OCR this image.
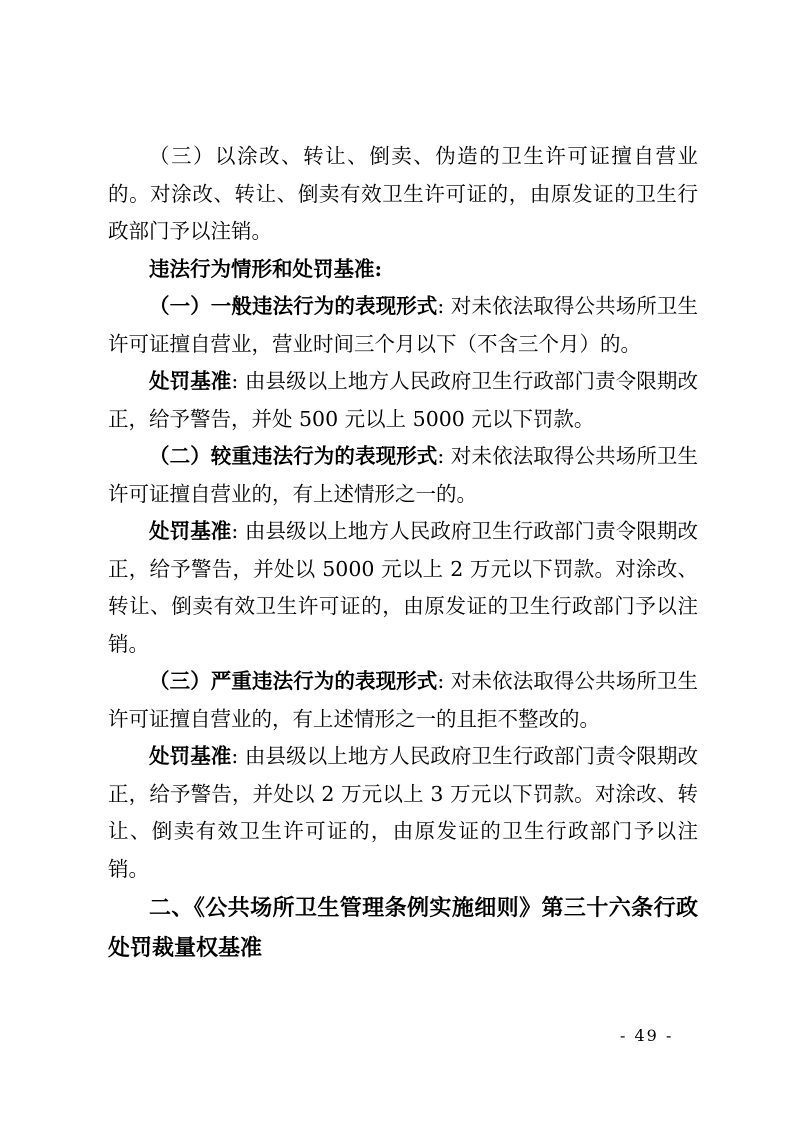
（三）以涂改、转让、倒卖、伪造的卫生许可证擅自营业的。对涂改、转让、倒卖有效卫生许可证的，由原发证的卫生行政部门予以注销。

违法行为情形和处罚基准:

（一）一般违法行为的表现形式: 对未依法取得公共场所卫生许可证擅自营业，营业时间三个月以下（不含三个月）的。

处罚基准: 由县级以上地方人民政府卫生行政部门责令限期改正，给予警告，并处 500 元以上 5000 元以下罚款。

（二）较重违法行为的表现形式: 对未依法取得公共场所卫生许可证擅自营业的，有上述情形之一的。

处罚基准: 由县级以上地方人民政府卫生行政部门责令限期改正，给予警告，并处以 5000 元以上 2 万元以下罚款。对涂改、转让、倒卖有效卫生许可证的，由原发证的卫生行政部门予以注销。

（三）严重违法行为的表现形式: 对未依法取得公共场所卫生许可证擅自营业的，有上述情形之一的且拒不整改的。

处罚基准: 由县级以上地方人民政府卫生行政部门责令限期改正，给予警告，并处以 2 万元以上 3 万元以下罚款。对涂改、转让、倒卖有效卫生许可证的，由原发证的卫生行政部门予以注销。

二、《公共场所卫生管理条例实施细则》第三十六条行政处罚裁量权基准

- 49 -
